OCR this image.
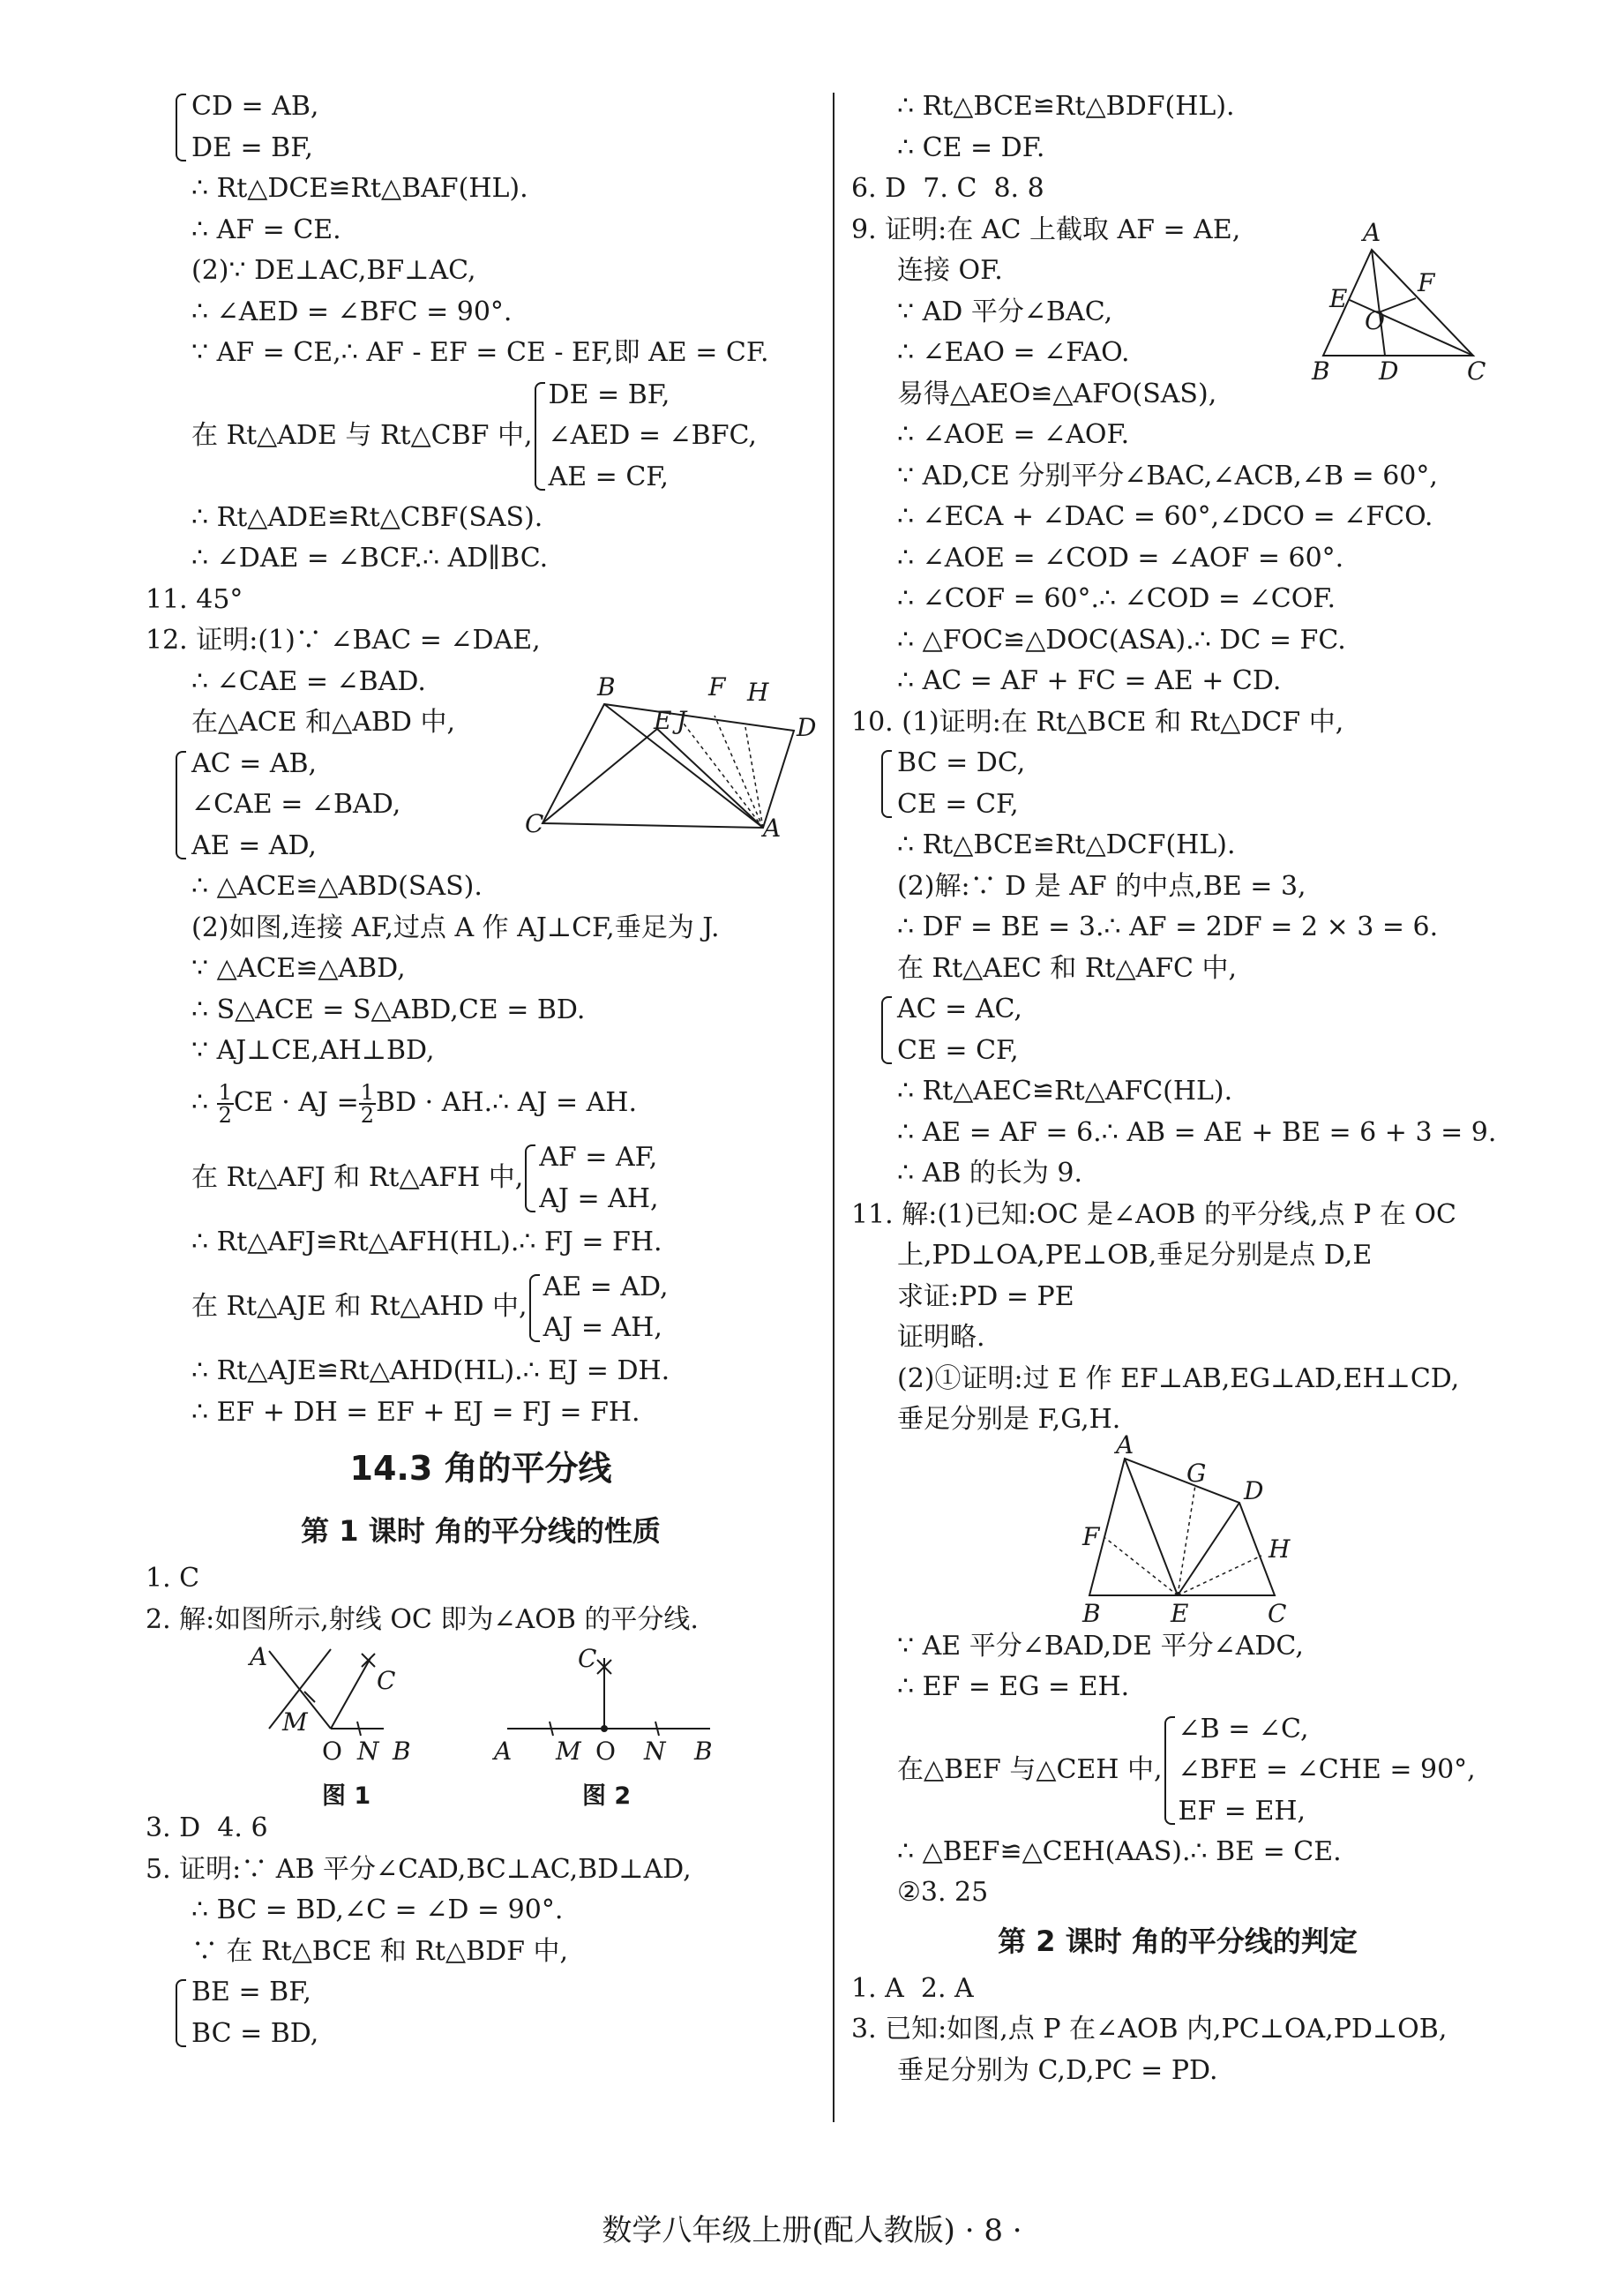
CD = AB,
DE = BF,
∴ Rt△DCE≌Rt△BAF(HL).
∴ AF = CE.
(2)∵ DE⊥AC,BF⊥AC,
∴ ∠AED = ∠BFC = 90°.
∵ AF = CE,∴ AF - EF = CE - EF,即 AE = CF.
在 Rt△ADE 与 Rt△CBF 中,
DE = BF,
∠AED = ∠BFC,
AE = CF,
∴ Rt△ADE≌Rt△CBF(SAS).
∴ ∠DAE = ∠BCF.∴ AD∥BC.
11. 45°
12. 证明:(1)∵ ∠BAC = ∠DAE,
∴ ∠CAE = ∠BAD.
在△ACE 和△ABD 中,
AC = AB,
∠CAE = ∠BAD,
AE = AD,
∴ △ACE≌△ABD(SAS).
(2)如图,连接 AF,过点 A 作 AJ⊥CF,垂足为 J.
∵ △ACE≌△ABD,
∴ S△ACE = S△ABD,CE = BD.
∵ AJ⊥CE,AH⊥BD,
∴ $\frac{1}{2}$ CE · AJ = $\frac{1}{2}$ BD · AH.∴ AJ = AH.
在 Rt△AFJ 和 Rt△AFH 中,
AF = AF,
AJ = AH,
∴ Rt△AFJ≌Rt△AFH(HL).∴ FJ = FH.
在 Rt△AJE 和 Rt△AHD 中,
AE = AD,
AJ = AH,
∴ Rt△AJE≌Rt△AHD(HL).∴ EJ = DH.
∴ EF + DH = EF + EJ = FJ = FH.
14.3 角的平分线
第 1 课时 角的平分线的性质
1. C
2. 解:如图所示,射线 OC 即为∠AOB 的平分线.
A
C
M
O N B
图 1
C
A M O N B
图 2
3. D  4. 6
5. 证明:∵ AB 平分∠CAD,BC⊥AC,BD⊥AD,
∴ BC = BD,∠C = ∠D = 90°.
∵ 在 Rt△BCE 和 Rt△BDF 中,
BE = BF,
BC = BD,
B	F H
J
E	D
C	A
∴ Rt△BCE≌Rt△BDF(HL).
∴ CE = DF.
6. D  7. C  8. 8
9. 证明:在 AC 上截取 AF = AE,
连接 OF.
∵ AD 平分∠BAC,
∴ ∠EAO = ∠FAO.
易得△AEO≌△AFO(SAS),
∴ ∠AOE = ∠AOF.
∵ AD,CE 分别平分∠BAC,∠ACB,∠B = 60°,
∴ ∠ECA + ∠DAC = 60°,∠DCO = ∠FCO.
∴ ∠AOE = ∠COD = ∠AOF = 60°.
∴ ∠COF = 60°.∴ ∠COD = ∠COF.
∴ △FOC≌△DOC(ASA).∴ DC = FC.
∴ AC = AF + FC = AE + CD.
10. (1)证明:在 Rt△BCE 和 Rt△DCF 中,
BC = DC,
CE = CF,
∴ Rt△BCE≌Rt△DCF(HL).
(2)解:∵ D 是 AF 的中点,BE = 3,
∴ DF = BE = 3.∴ AF = 2DF = 2 × 3 = 6.
在 Rt△AEC 和 Rt△AFC 中,
AC = AC,
CE = CF,
∴ Rt△AEC≌Rt△AFC(HL).
∴ AE = AF = 6.∴ AB = AE + BE = 6 + 3 = 9.
∴ AB 的长为 9.
11. 解:(1)已知:OC 是∠AOB 的平分线,点 P 在 OC
上,PD⊥OA,PE⊥OB,垂足分别是点 D,E
求证:PD = PE
证明略.
(2)①证明:过 E 作 EF⊥AB,EG⊥AD,EH⊥CD,
垂足分别是 F,G,H.
A
G
D
F	H
B	E	C
∵ AE 平分∠BAD,DE 平分∠ADC,
∴ EF = EG = EH.
在△BEF 与△CEH 中,
∠B = ∠C,
∠BFE = ∠CHE = 90°,
EF = EH,
∴ △BEF≌△CEH(AAS).∴ BE = CE.
②3. 25
第 2 课时 角的平分线的判定
1. A  2. A
3. 已知:如图,点 P 在∠AOB 内,PC⊥OA,PD⊥OB,
垂足分别为 C,D,PC = PD.
A
F
E
O
B D	C
数学八年级上册(配人教版) · 8 ·
